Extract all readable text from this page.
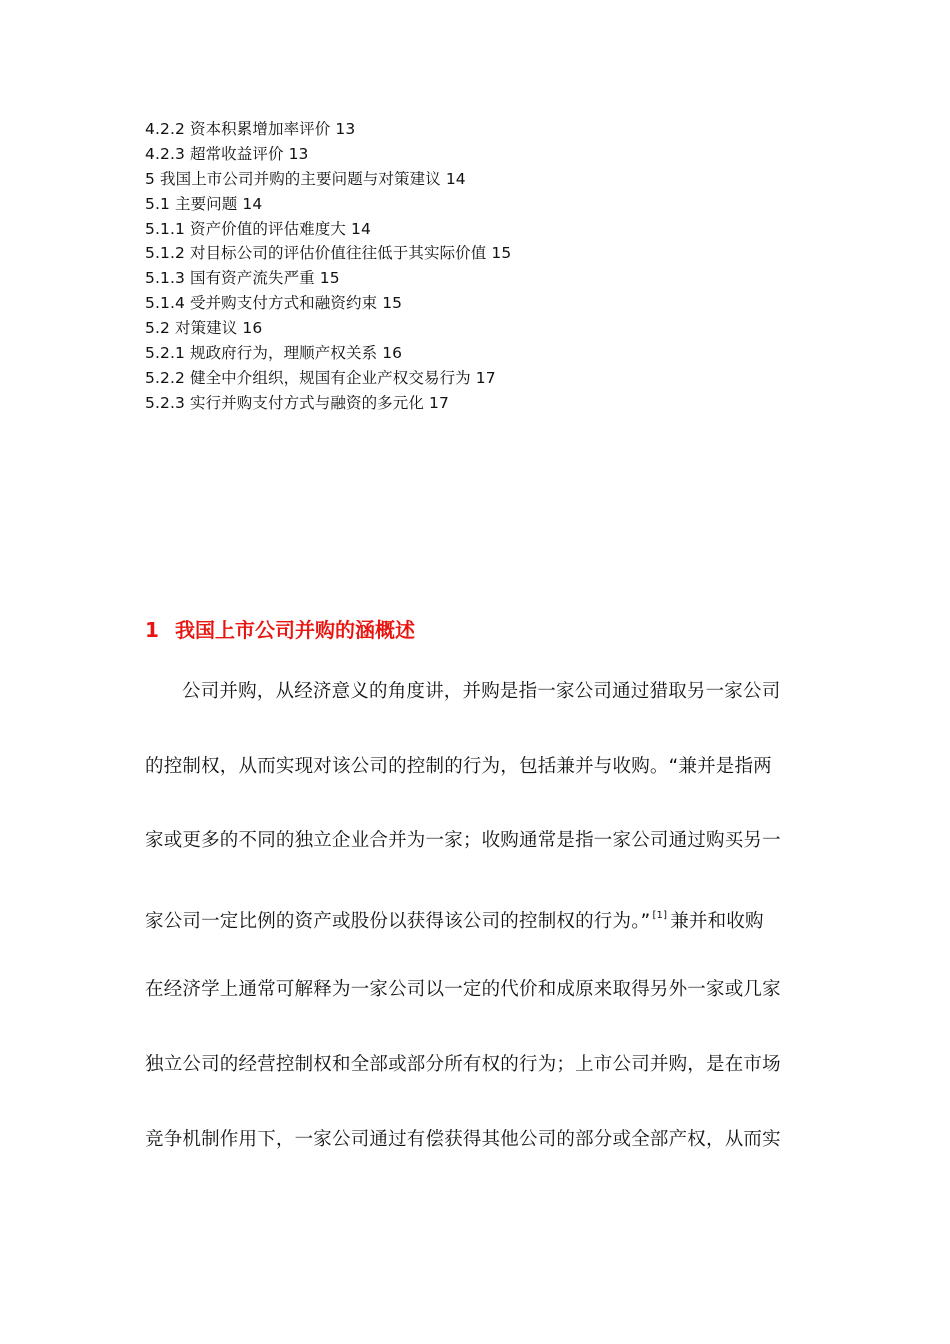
4.2.2 资本积累增加率评价 13
4.2.3 超常收益评价 13
5 我国上市公司并购的主要问题与对策建议 14
5.1 主要问题 14
5.1.1 资产价值的评估难度大 14
5.1.2 对目标公司的评估价值往往低于其实际价值 15
5.1.3 国有资产流失严重 15
5.1.4 受并购支付方式和融资约束 15
5.2 对策建议 16
5.2.1 规政府行为，理顺产权关系 16
5.2.2 健全中介组织，规国有企业产权交易行为 17
5.2.3 实行并购支付方式与融资的多元化 17
1 我国上市公司并购的涵概述
公司并购，从经济意义的角度讲，并购是指一家公司通过猎取另一家公司
的控制权，从而实现对该公司的控制的行为，包括兼并与收购。“兼并是指两
家或更多的不同的独立企业合并为一家；收购通常是指一家公司通过购买另一
家公司一定比例的资产或股份以获得该公司的控制权的行为。” [1] 兼并和收购
在经济学上通常可解释为一家公司以一定的代价和成原来取得另外一家或几家
独立公司的经营控制权和全部或部分所有权的行为；上市公司并购，是在市场
竞争机制作用下，一家公司通过有偿获得其他公司的部分或全部产权，从而实
